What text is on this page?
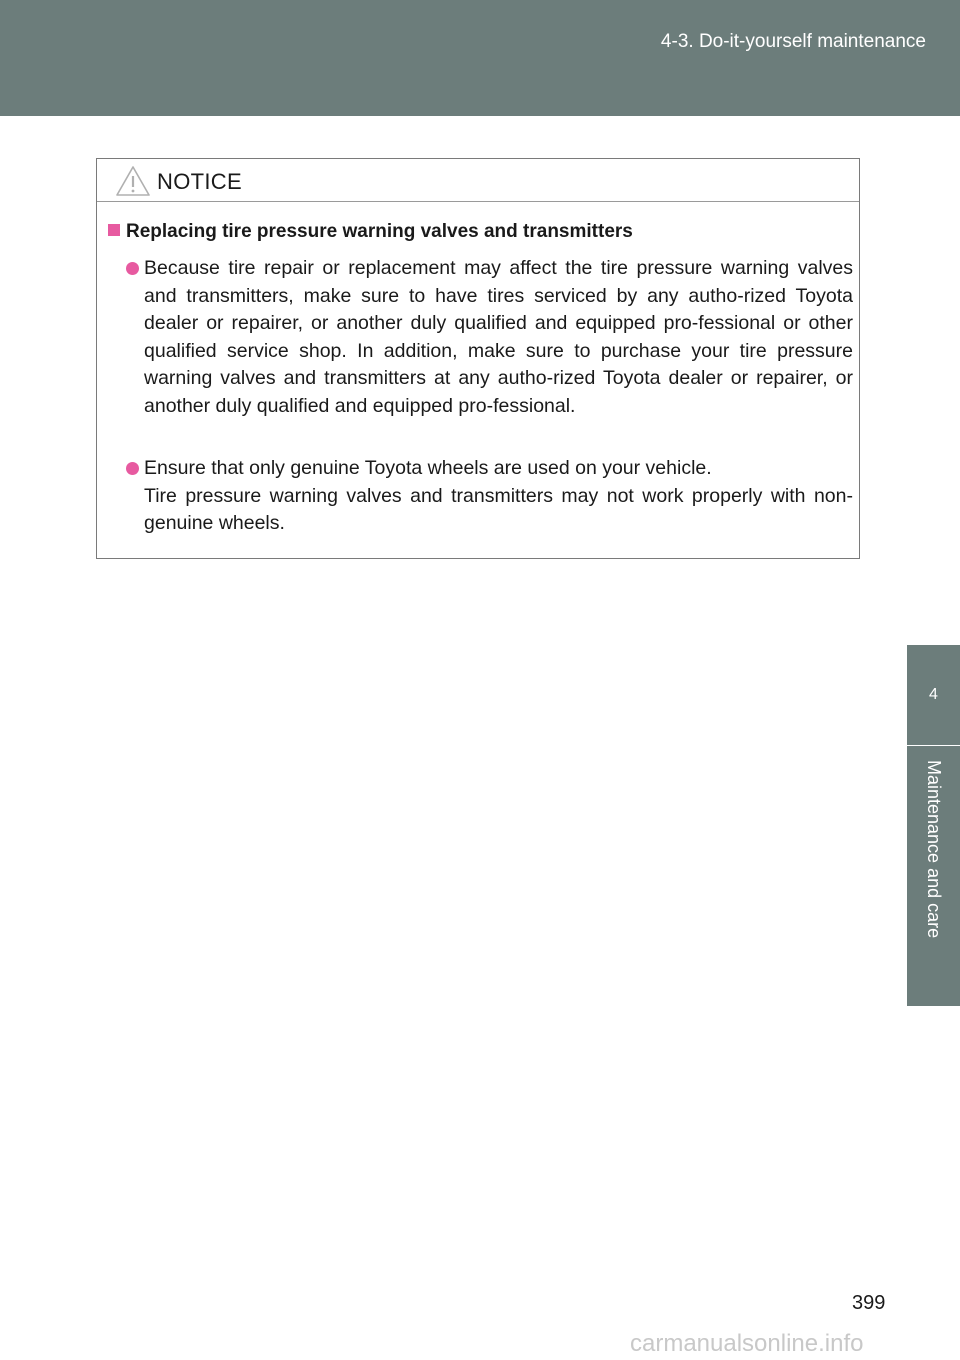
4-3. Do-it-yourself maintenance
4
Maintenance and care
NOTICE
Replacing tire pressure warning valves and transmitters

Because tire repair or replacement may affect the tire pressure warning valves and transmitters, make sure to have tires serviced by any autho-rized Toyota dealer or repairer, or another duly qualified and equipped pro-fessional or other qualified service shop. In addition, make sure to purchase your tire pressure warning valves and transmitters at any autho-rized Toyota dealer or repairer, or another duly qualified and equipped pro-fessional.

Ensure that only genuine Toyota wheels are used on your vehicle.

Tire pressure warning valves and transmitters may not work properly with non-genuine wheels.

399
carmanualsonline.info
